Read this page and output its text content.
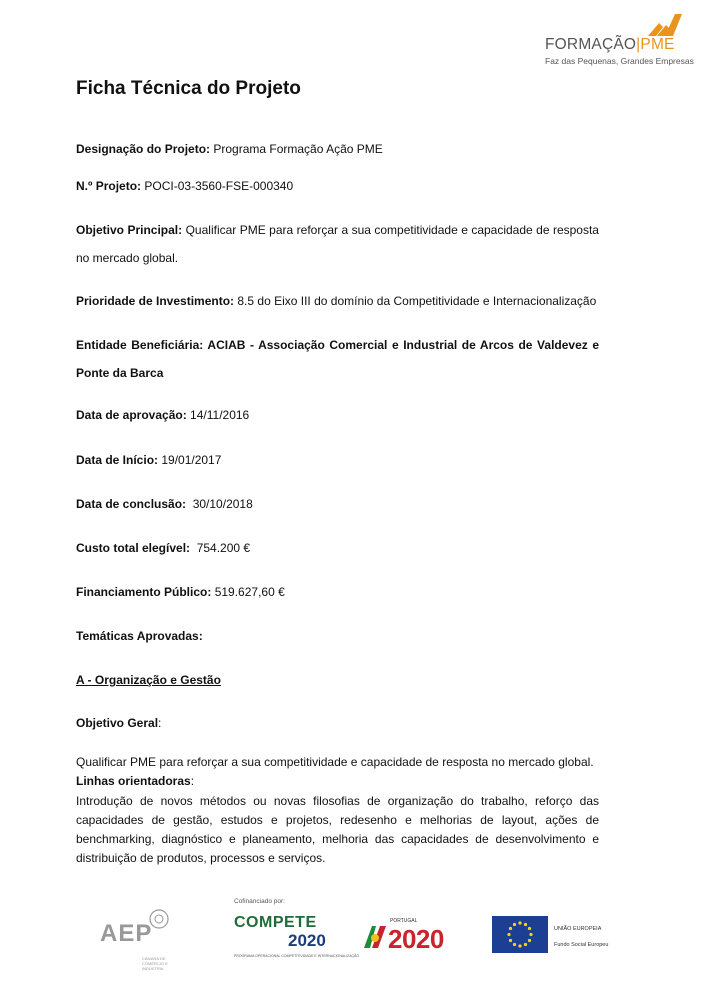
FORMAÇÃO|PME
Faz das Pequenas, Grandes Empresas
Ficha Técnica do Projeto
Designação do Projeto: Programa Formação Ação PME
N.º Projeto: POCI-03-3560-FSE-000340
Objetivo Principal: Qualificar PME para reforçar a sua competitividade e capacidade de resposta no mercado global.
Prioridade de Investimento: 8.5 do Eixo III do domínio da Competitividade e Internacionalização
Entidade Beneficiária: ACIAB - Associação Comercial e Industrial de Arcos de Valdevez e Ponte da Barca
Data de aprovação: 14/11/2016
Data de Início: 19/01/2017
Data de conclusão:  30/10/2018
Custo total elegível:  754.200 €
Financiamento Público: 519.627,60 €
Temáticas Aprovadas:
A - Organização e Gestão
Objetivo Geral:
Qualificar PME para reforçar a sua competitividade e capacidade de resposta no mercado global.
Linhas orientadoras:
Introdução de novos métodos ou novas filosofias de organização do trabalho, reforço das capacidades de gestão, estudos e projetos, redesenho e melhorias de layout, ações de benchmarking, diagnóstico e planeamento, melhoria das capacidades de desenvolvimento e distribuição de produtos, processos e serviços.
AEP
CÂMARA DE COMÉRCIO E INDÚSTRIA
Cofinanciado por:
COMPETE
2020
PROGRAMA OPERACIONAL COMPETITIVIDADE E INTERNACIONALIZAÇÃO
PORTUGAL
2020	UNIÃO EUROPEIA
Fundo Social Europeu
